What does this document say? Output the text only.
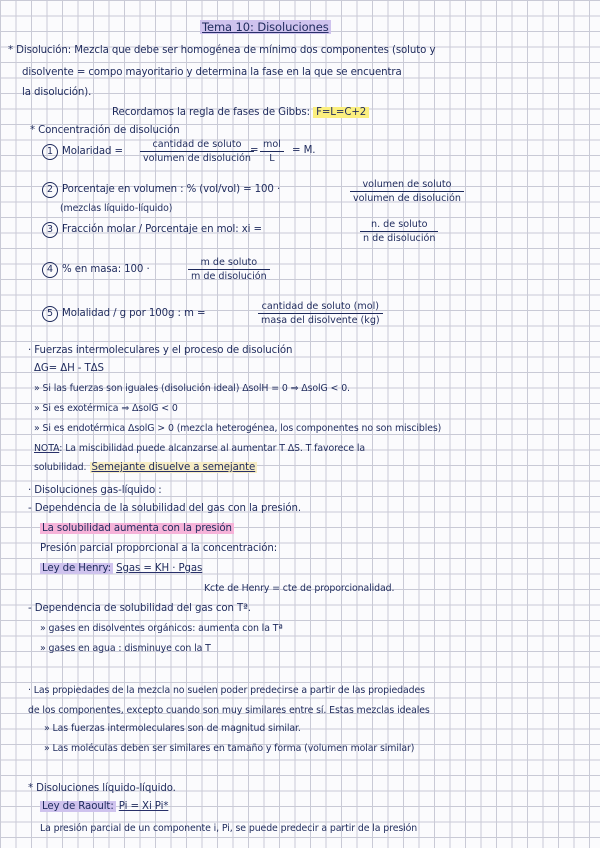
Tema 10: Disoluciones
* Disolución: Mezcla que debe ser homogénea de mínimo dos componentes (soluto y
disolvente = compo mayoritario y determina la fase en la que se encuentra
la disolución).
Recordamos la regla de fases de Gibbs: F=L=C+2
* Concentración de disolución
1 Molaridad =
cantidad de soluto
volumen de disolución
=
mol
L
= M.
2 Porcentaje en volumen : % (vol/vol) = 100 ·	volumen de soluto
volumen de disolución
(mezclas líquido-líquido)
3 Fracción molar / Porcentaje en mol: xi =	n. de soluto
n de disolución
4 % en masa: 100 ·
m de soluto
m de disolución
5 Molalidad / g por 100g : m =
cantidad de soluto (mol)
masa del disolvente (kg)
· Fuerzas intermoleculares y el proceso de disolución
ΔG= ΔH - TΔS
» Si las fuerzas son iguales (disolución ideal) ΔsolH = 0 ⇒ ΔsolG < 0.
» Si es exotérmica ⇒ ΔsolG < 0
» Si es endotérmica ΔsolG > 0 (mezcla heterogénea, los componentes no son miscibles)
NOTA: La miscibilidad puede alcanzarse al aumentar T ΔS. T favorece la
solubilidad. Semejante disuelve a semejante
· Disoluciones gas-líquido :
- Dependencia de la solubilidad del gas con la presión.
La solubilidad aumenta con la presión
Presión parcial proporcional a la concentración:
Ley de Henry: Sgas = KH · Pgas
Kcte de Henry = cte de proporcionalidad.
- Dependencia de solubilidad del gas con Tª.
» gases en disolventes orgánicos: aumenta con la Tª
» gases en agua : disminuye con la T
· Las propiedades de la mezcla no suelen poder predecirse a partir de las propiedades
de los componentes, excepto cuando son muy similares entre sí. Estas mezclas ideales
» Las fuerzas intermoleculares son de magnitud similar.
» Las moléculas deben ser similares en tamaño y forma (volumen molar similar)
* Disoluciones líquido-líquido.
Ley de Raoult: Pi = Xi Pi*
La presión parcial de un componente i, Pi, se puede predecir a partir de la presión
